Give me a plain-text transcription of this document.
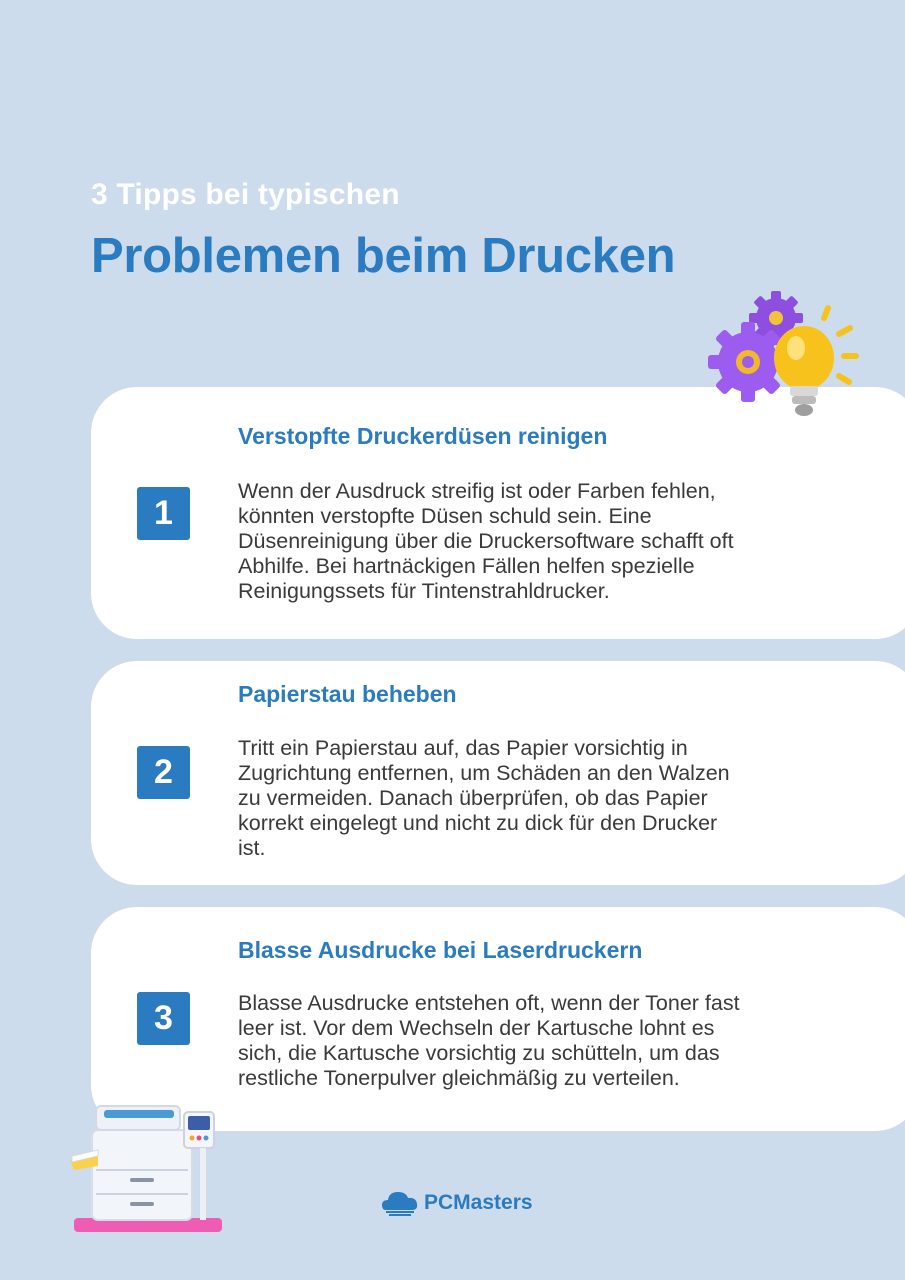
3 Tipps bei typischen
Problemen beim Drucken
1
Verstopfte Druckerdüsen reinigen
Wenn der Ausdruck streifig ist oder Farben fehlen,
könnten verstopfte Düsen schuld sein. Eine
Düsenreinigung über die Druckersoftware schafft oft
Abhilfe. Bei hartnäckigen Fällen helfen spezielle
Reinigungssets für Tintenstrahldrucker.
2
Papierstau beheben
Tritt ein Papierstau auf, das Papier vorsichtig in
Zugrichtung entfernen, um Schäden an den Walzen
zu vermeiden. Danach überprüfen, ob das Papier
korrekt eingelegt und nicht zu dick für den Drucker
ist.
3
Blasse Ausdrucke bei Laserdruckern
Blasse Ausdrucke entstehen oft, wenn der Toner fast
leer ist. Vor dem Wechseln der Kartusche lohnt es
sich, die Kartusche vorsichtig zu schütteln, um das
restliche Tonerpulver gleichmäßig zu verteilen.
PCMasters
